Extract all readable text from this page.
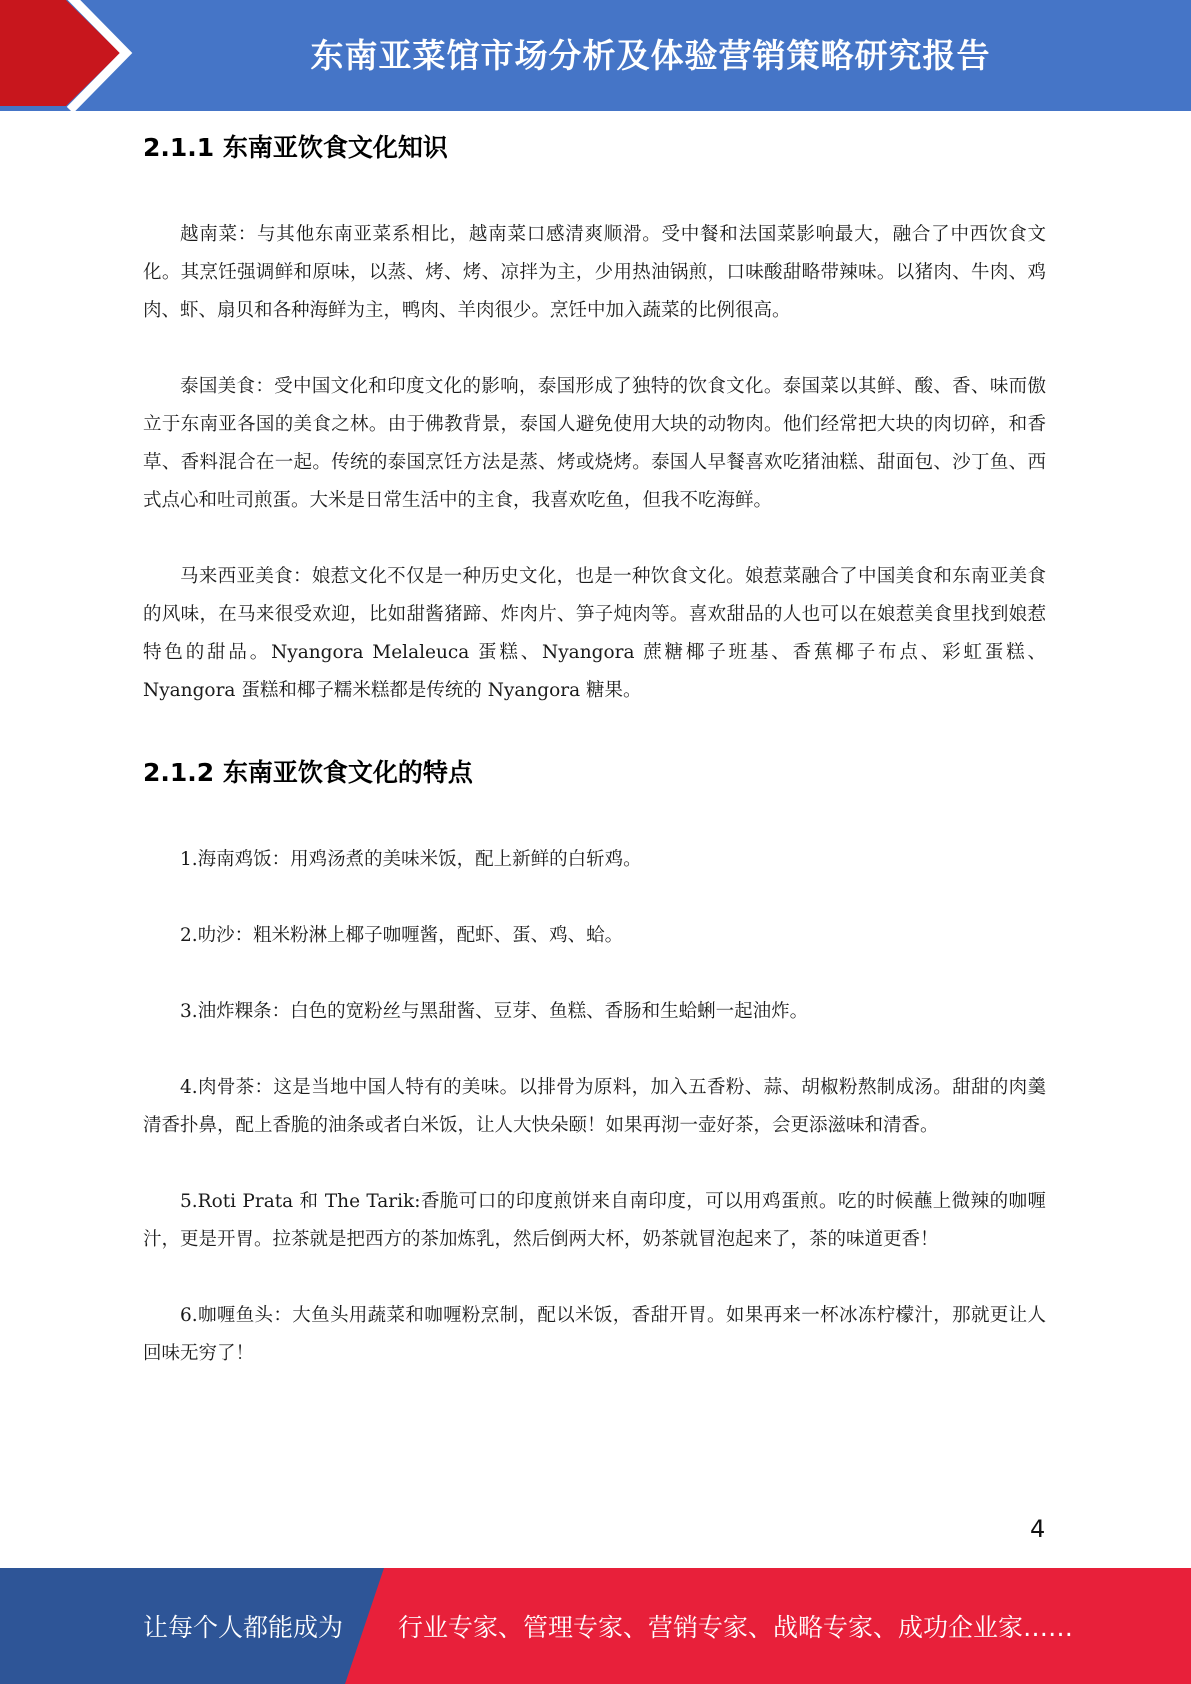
东南亚菜馆市场分析及体验营销策略研究报告
2.1.1 东南亚饮食文化知识

越南菜：与其他东南亚菜系相比，越南菜口感清爽顺滑。受中餐和法国菜影响最大，融合了中西饮食文化。其烹饪强调鲜和原味，以蒸、烤、烤、凉拌为主，少用热油锅煎，口味酸甜略带辣味。以猪肉、牛肉、鸡肉、虾、扇贝和各种海鲜为主，鸭肉、羊肉很少。烹饪中加入蔬菜的比例很高。

泰国美食：受中国文化和印度文化的影响，泰国形成了独特的饮食文化。泰国菜以其鲜、酸、香、味而傲立于东南亚各国的美食之林。由于佛教背景，泰国人避免使用大块的动物肉。他们经常把大块的肉切碎，和香草、香料混合在一起。传统的泰国烹饪方法是蒸、烤或烧烤。泰国人早餐喜欢吃猪油糕、甜面包、沙丁鱼、西式点心和吐司煎蛋。大米是日常生活中的主食，我喜欢吃鱼，但我不吃海鲜。

马来西亚美食：娘惹文化不仅是一种历史文化，也是一种饮食文化。娘惹菜融合了中国美食和东南亚美食的风味，在马来很受欢迎，比如甜酱猪蹄、炸肉片、笋子炖肉等。喜欢甜品的人也可以在娘惹美食里找到娘惹特色的甜品。Nyangora Melaleuca 蛋糕、Nyangora 蔗糖椰子班基、香蕉椰子布点、彩虹蛋糕、Nyangora 蛋糕和椰子糯米糕都是传统的 Nyangora 糖果。

2.1.2 东南亚饮食文化的特点

1.海南鸡饭：用鸡汤煮的美味米饭，配上新鲜的白斩鸡。

2.叻沙：粗米粉淋上椰子咖喱酱，配虾、蛋、鸡、蛤。

3.油炸粿条：白色的宽粉丝与黑甜酱、豆芽、鱼糕、香肠和生蛤蜊一起油炸。

4.肉骨茶：这是当地中国人特有的美味。以排骨为原料，加入五香粉、蒜、胡椒粉熬制成汤。甜甜的肉羹清香扑鼻，配上香脆的油条或者白米饭，让人大快朵颐！如果再沏一壶好茶，会更添滋味和清香。

5.Roti Prata 和 The Tarik:香脆可口的印度煎饼来自南印度，可以用鸡蛋煎。吃的时候蘸上微辣的咖喱汁，更是开胃。拉茶就是把西方的茶加炼乳，然后倒两大杯，奶茶就冒泡起来了，茶的味道更香！

6.咖喱鱼头：大鱼头用蔬菜和咖喱粉烹制，配以米饭，香甜开胃。如果再来一杯冰冻柠檬汁，那就更让人回味无穷了！

4
让每个人都能成为 行业专家、管理专家、营销专家、战略专家、成功企业家……
